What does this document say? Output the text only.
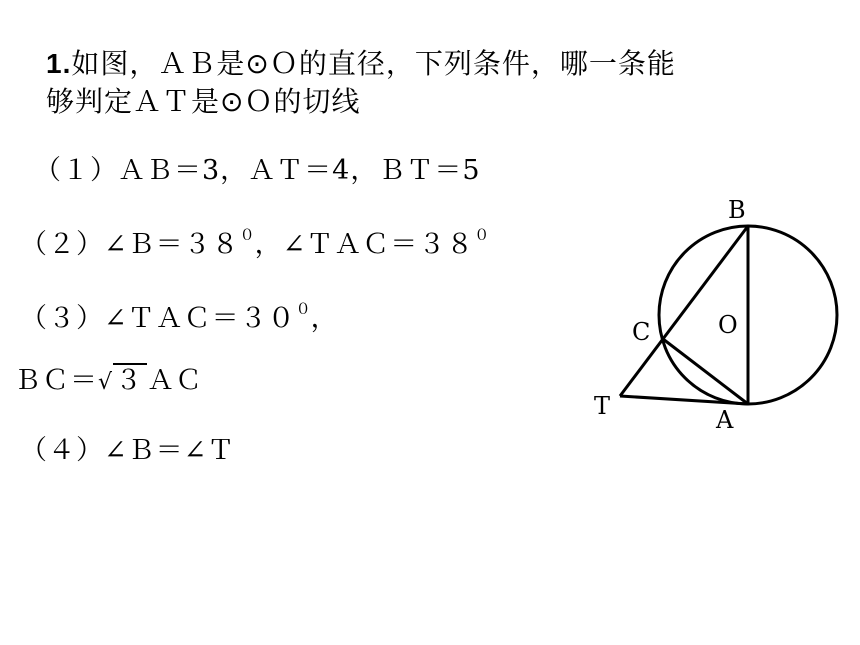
1.如图，ＡＢ是⊙Ｏ的直径，下列条件，哪一条能
够判定ＡＴ是⊙Ｏ的切线
（１）ＡＢ＝3，ＡＴ＝4，ＢＴ＝5
$(2)\angle B=38^0$，$\angle TAC=38^0$
$(3)\angle TAC=30^0$，
ＢＣ＝√３ ＡＣ
（４）∠Ｂ＝∠Ｔ
B
O
C
T	A
